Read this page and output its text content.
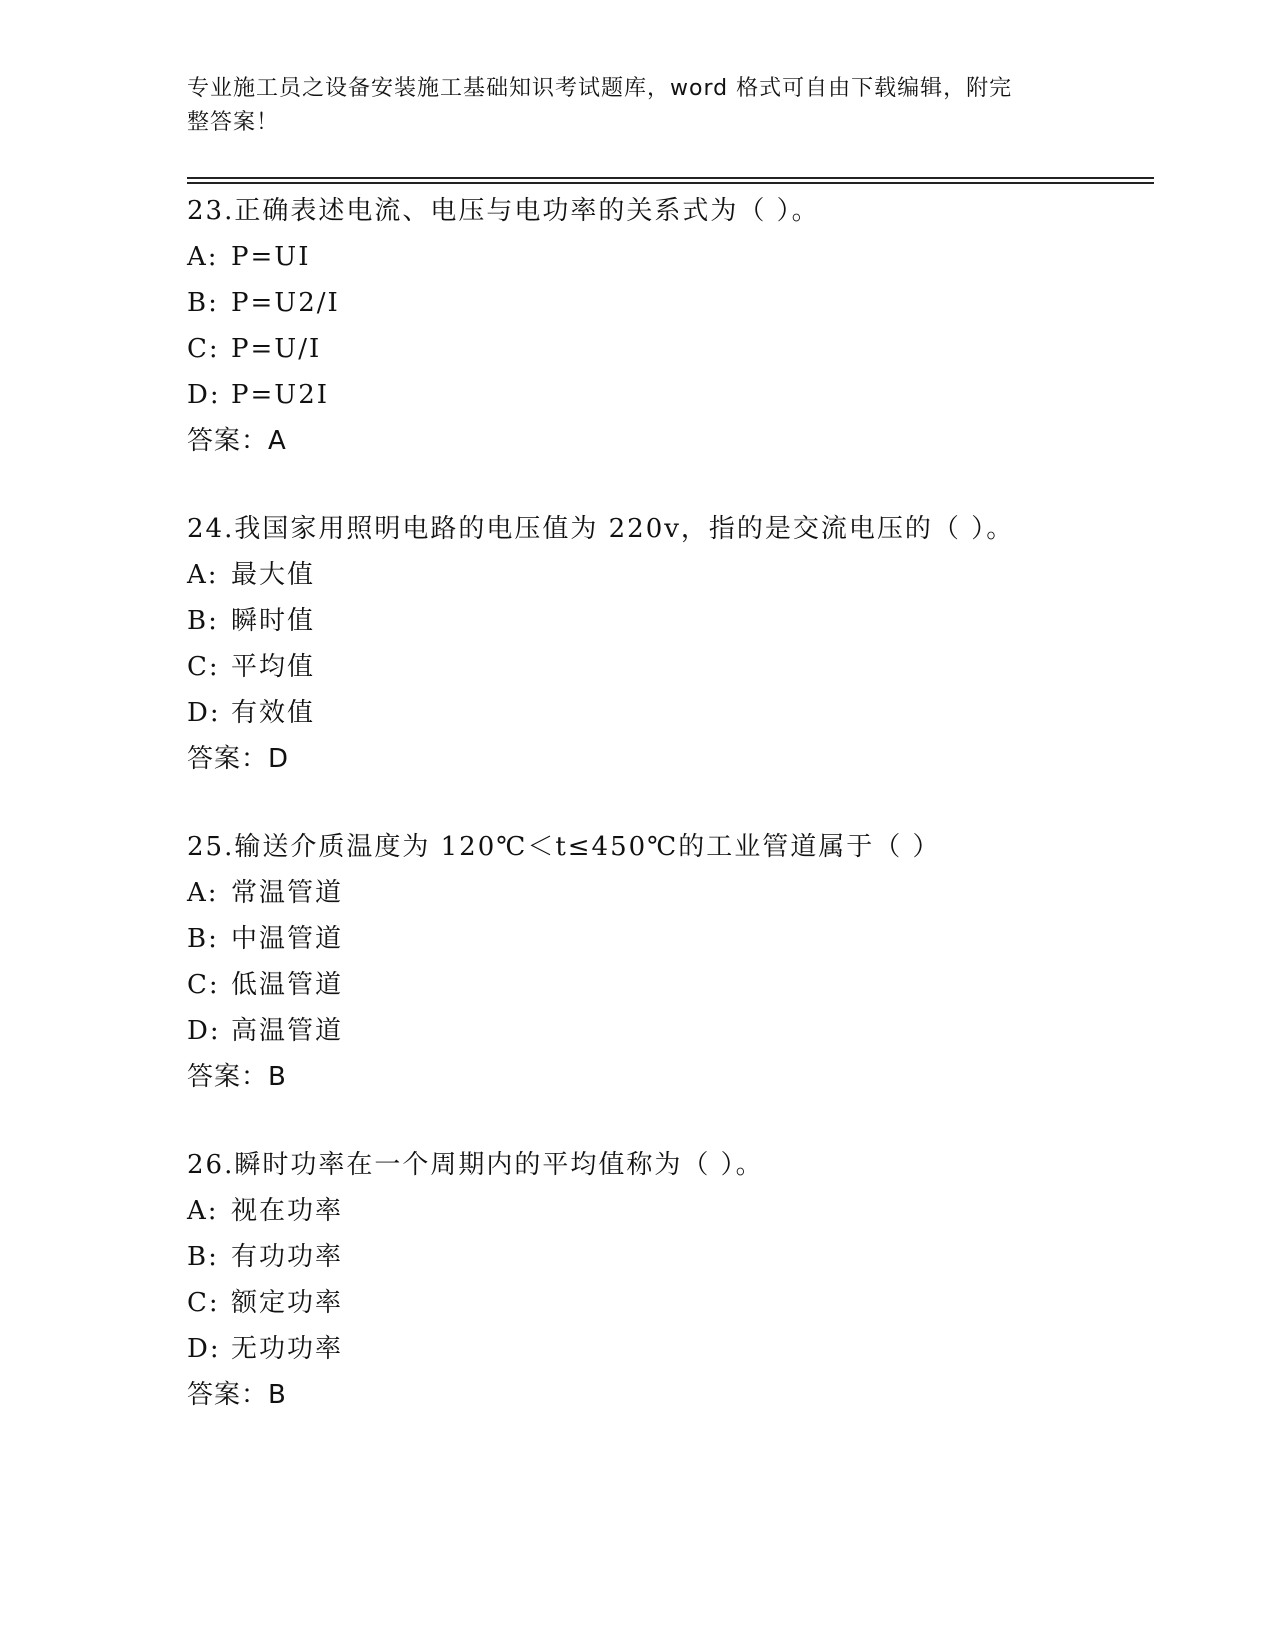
专业施工员之设备安装施工基础知识考试题库，word 格式可自由下载编辑，附完
整答案！
23.正确表述电流、电压与电功率的关系式为（ ）。
A: P=UI
B: P=U2/I
C: P=U/I
D: P=U2I
答案：A
24.我国家用照明电路的电压值为 220v，指的是交流电压的（ ）。
A: 最大值
B: 瞬时值
C: 平均值
D: 有效值
答案：D
25.输送介质温度为 120℃＜t≤450℃的工业管道属于（ ）
A: 常温管道
B: 中温管道
C: 低温管道
D: 高温管道
答案：B
26.瞬时功率在一个周期内的平均值称为（ ）。
A: 视在功率
B: 有功功率
C: 额定功率
D: 无功功率
答案：B
